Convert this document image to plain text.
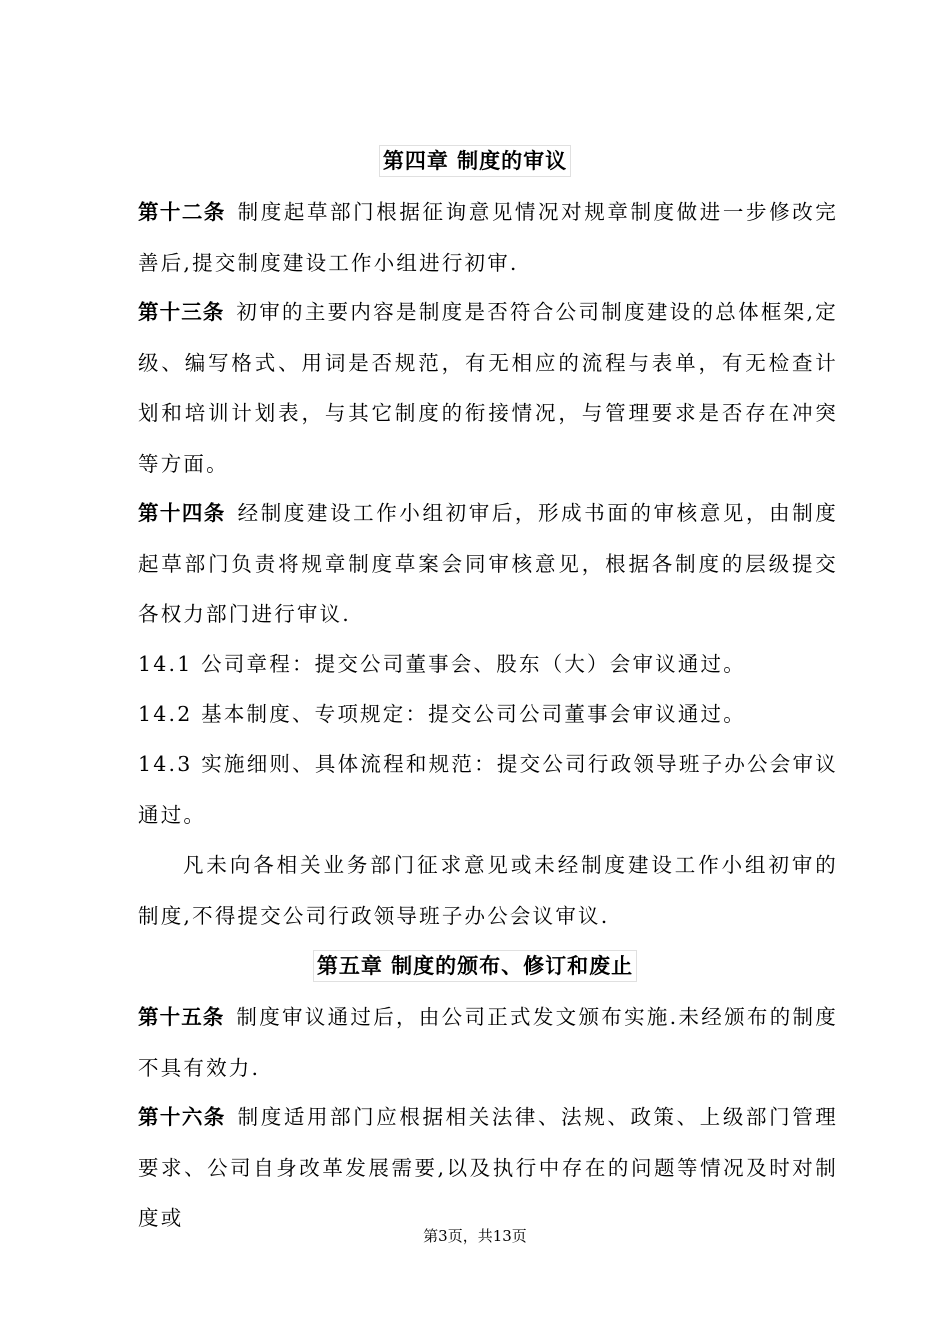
第四章 制度的审议

第十二条 制度起草部门根据征询意见情况对规章制度做进一步修改完善后,提交制度建设工作小组进行初审.

第十三条 初审的主要内容是制度是否符合公司制度建设的总体框架,定级、编写格式、用词是否规范，有无相应的流程与表单，有无检查计划和培训计划表，与其它制度的衔接情况，与管理要求是否存在冲突等方面。

第十四条 经制度建设工作小组初审后，形成书面的审核意见，由制度起草部门负责将规章制度草案会同审核意见，根据各制度的层级提交各权力部门进行审议.

14.1 公司章程：提交公司董事会、股东（大）会审议通过。

14.2 基本制度、专项规定：提交公司公司董事会审议通过。

14.3 实施细则、具体流程和规范：提交公司行政领导班子办公会审议通过。

凡未向各相关业务部门征求意见或未经制度建设工作小组初审的制度,不得提交公司行政领导班子办公会议审议.

第五章 制度的颁布、修订和废止

第十五条 制度审议通过后，由公司正式发文颁布实施.未经颁布的制度不具有效力.

第十六条 制度适用部门应根据相关法律、法规、政策、上级部门管理要求、公司自身改革发展需要,以及执行中存在的问题等情况及时对制度或

第3页，共13页
